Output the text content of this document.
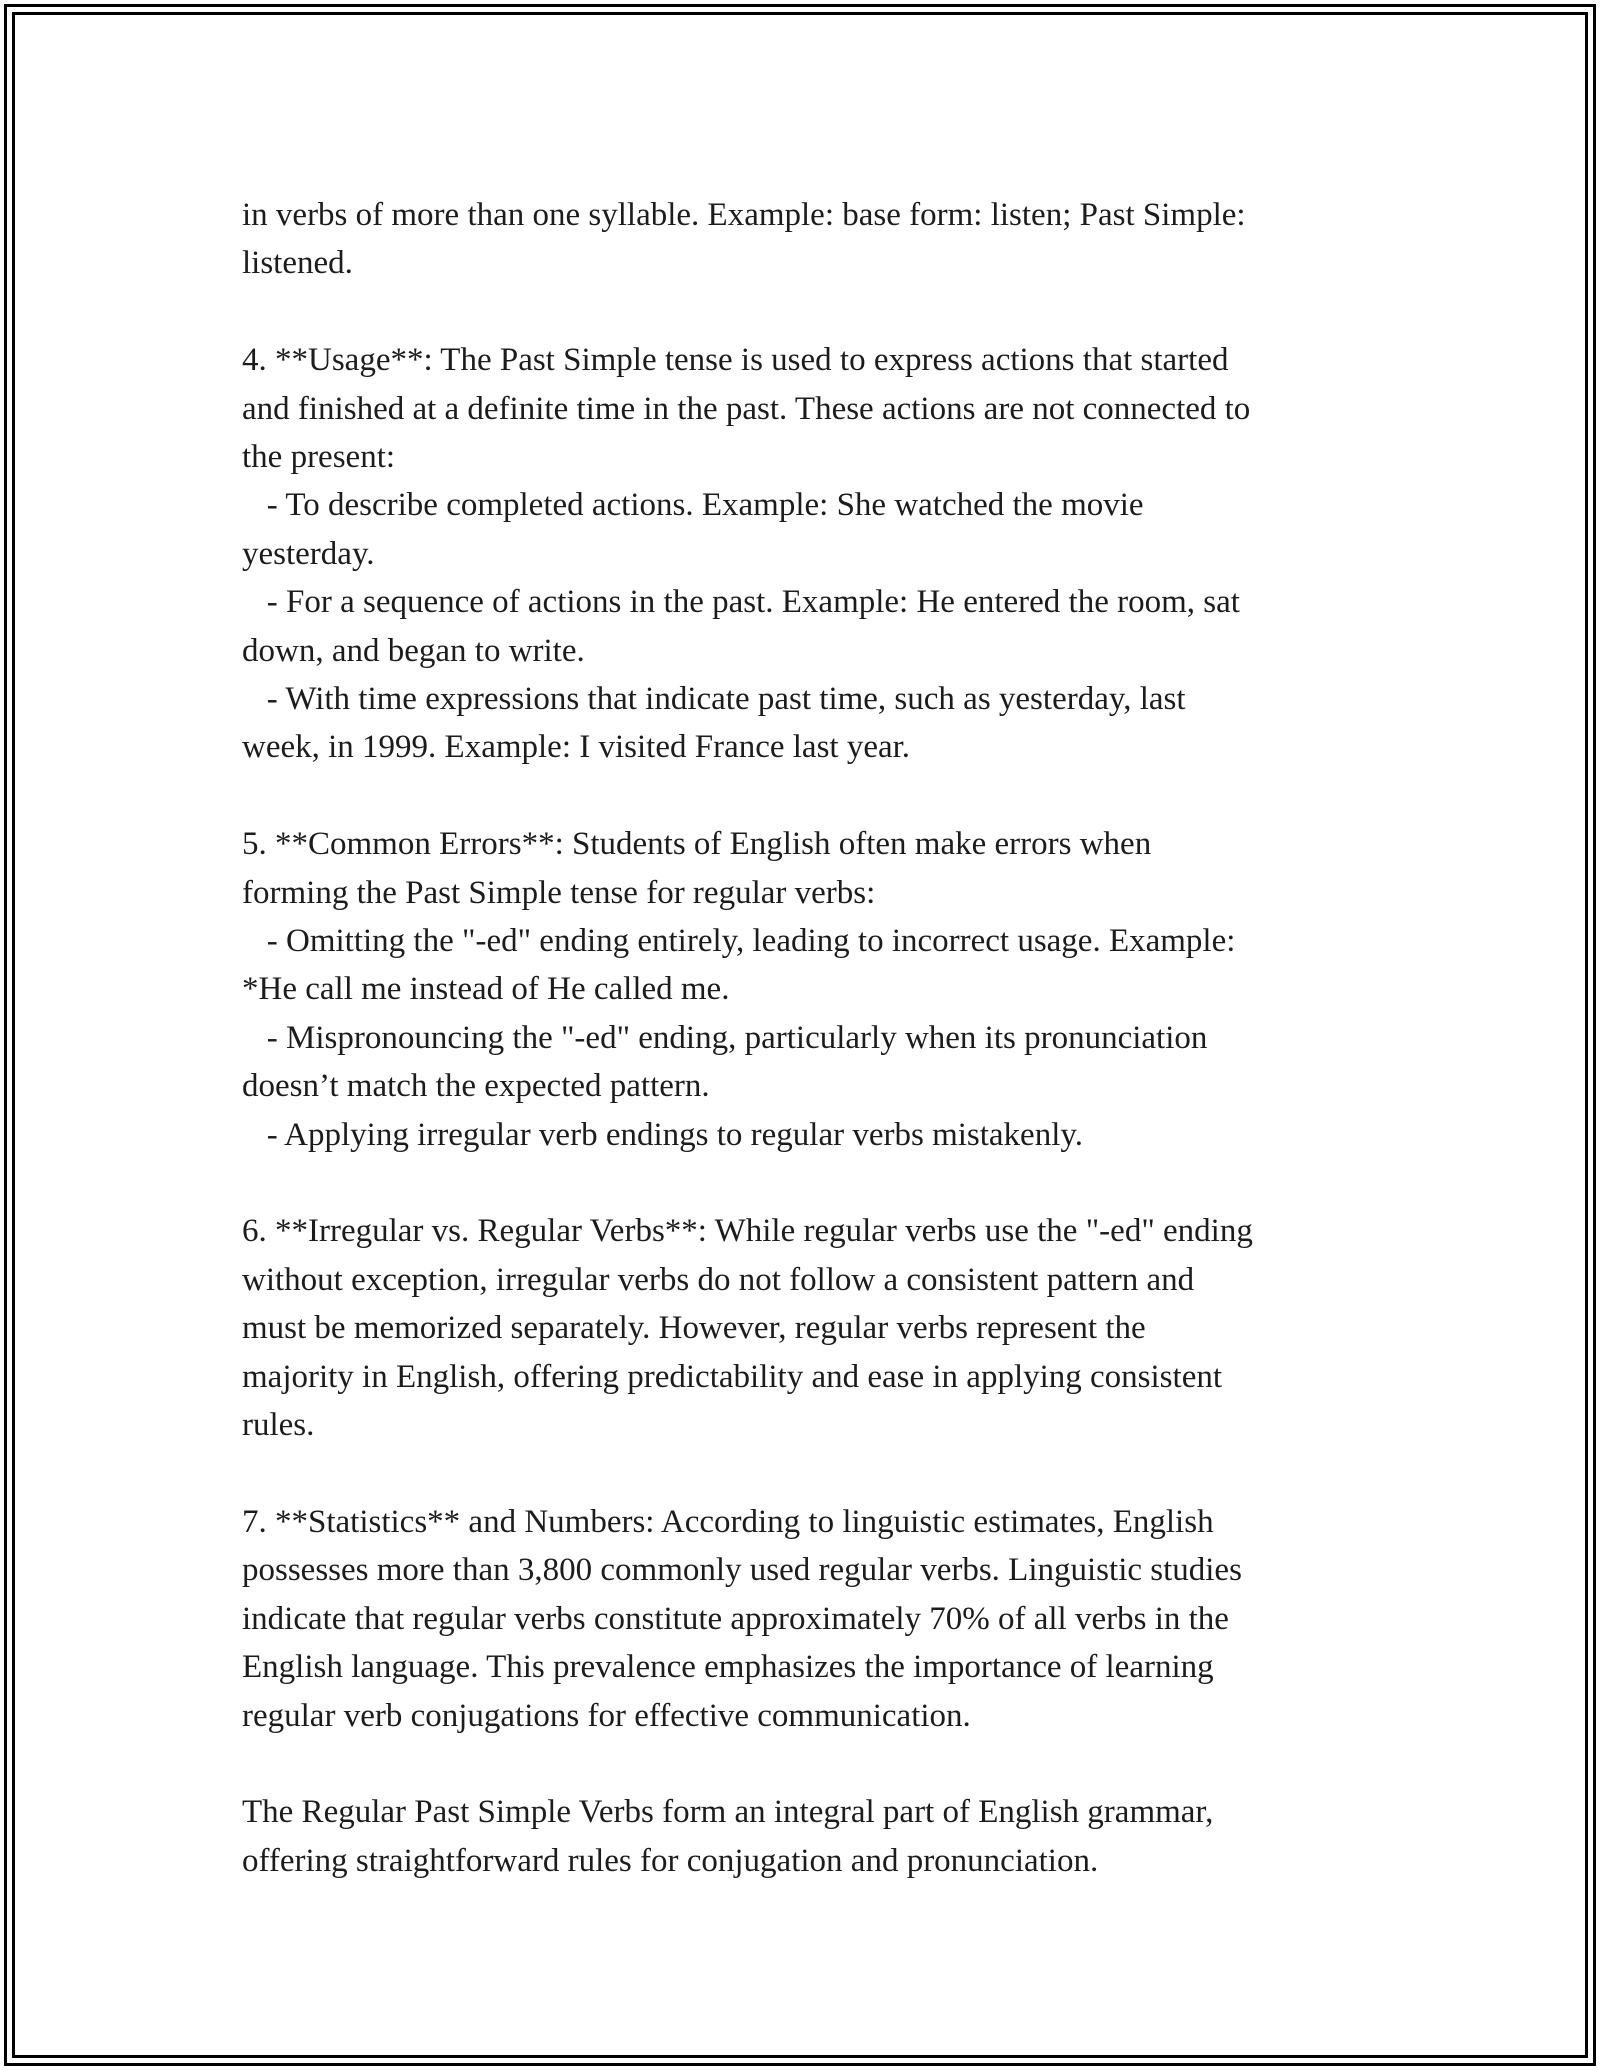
in verbs of more than one syllable. Example: base form: listen; Past Simple:
listened.

4. **Usage**: The Past Simple tense is used to express actions that started
and finished at a definite time in the past. These actions are not connected to
the present:
- To describe completed actions. Example: She watched the movie
yesterday.
- For a sequence of actions in the past. Example: He entered the room, sat
down, and began to write.
- With time expressions that indicate past time, such as yesterday, last
week, in 1999. Example: I visited France last year.

5. **Common Errors**: Students of English often make errors when
forming the Past Simple tense for regular verbs:
- Omitting the "-ed" ending entirely, leading to incorrect usage. Example:
*He call me instead of He called me.
- Mispronouncing the "-ed" ending, particularly when its pronunciation
doesn’t match the expected pattern.
- Applying irregular verb endings to regular verbs mistakenly.

6. **Irregular vs. Regular Verbs**: While regular verbs use the "-ed" ending
without exception, irregular verbs do not follow a consistent pattern and
must be memorized separately. However, regular verbs represent the
majority in English, offering predictability and ease in applying consistent
rules.

7. **Statistics** and Numbers: According to linguistic estimates, English
possesses more than 3,800 commonly used regular verbs. Linguistic studies
indicate that regular verbs constitute approximately 70% of all verbs in the
English language. This prevalence emphasizes the importance of learning
regular verb conjugations for effective communication.

The Regular Past Simple Verbs form an integral part of English grammar,
offering straightforward rules for conjugation and pronunciation.
